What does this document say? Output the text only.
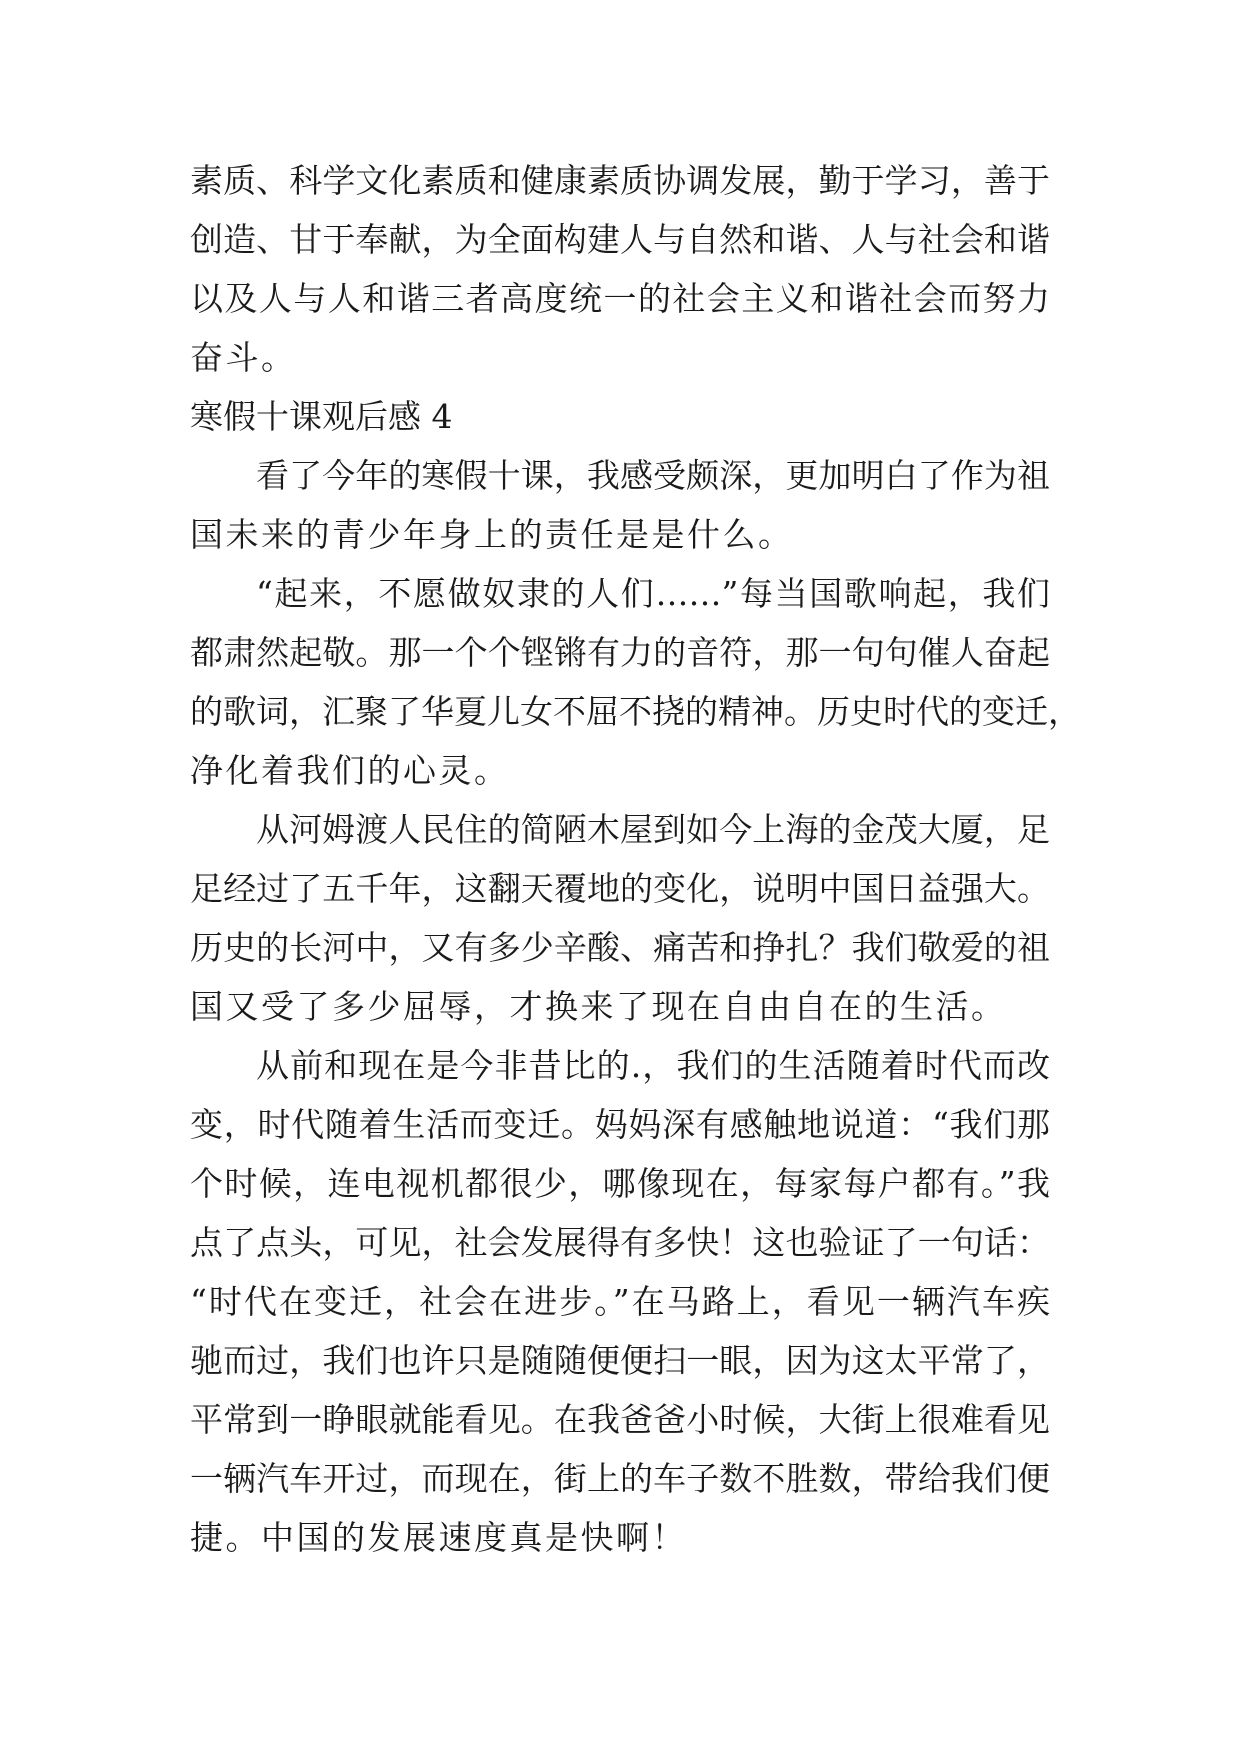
素质、科学文化素质和健康素质协调发展，勤于学习，善于
创造、甘于奉献，为全面构建人与自然和谐、人与社会和谐
以及人与人和谐三者高度统一的社会主义和谐社会而努力
奋斗。
寒假十课观后感 4
看了今年的寒假十课，我感受颇深，更加明白了作为祖
国未来的青少年身上的责任是是什么。
“起来，不愿做奴隶的人们……”每当国歌响起，我们
都肃然起敬。那一个个铿锵有力的音符，那一句句催人奋起
的歌词，汇聚了华夏儿女不屈不挠的精神。历史时代的变迁，
净化着我们的心灵。
从河姆渡人民住的简陋木屋到如今上海的金茂大厦，足
足经过了五千年，这翻天覆地的变化，说明中国日益强大。
历史的长河中，又有多少辛酸、痛苦和挣扎？我们敬爱的祖
国又受了多少屈辱，才换来了现在自由自在的生活。
从前和现在是今非昔比的.，我们的生活随着时代而改
变，时代随着生活而变迁。妈妈深有感触地说道：“我们那
个时候，连电视机都很少，哪像现在，每家每户都有。”我
点了点头，可见，社会发展得有多快！这也验证了一句话：
“时代在变迁，社会在进步。”在马路上，看见一辆汽车疾
驰而过，我们也许只是随随便便扫一眼，因为这太平常了，
平常到一睁眼就能看见。在我爸爸小时候，大街上很难看见
一辆汽车开过，而现在，街上的车子数不胜数，带给我们便
捷。中国的发展速度真是快啊！
